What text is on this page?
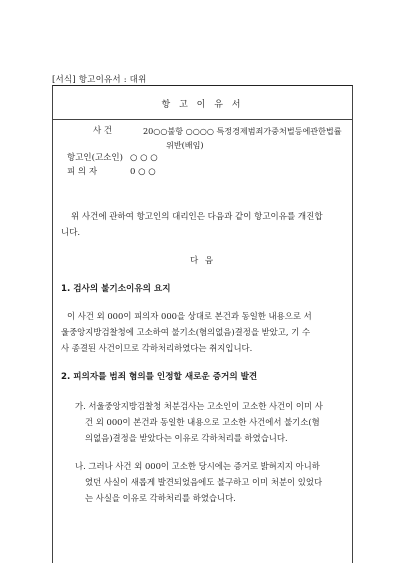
[서식] 항고이유서 : 대위
항 고 이 유 서
사 건	20○○불항 ○○○○ 특정경제범죄가중처벌등에관한법률
위반(배임)
항고인(고소인) ○ ○ ○
피 의 자	0 ○ ○
위 사건에 관하여 항고인의 대리인은 다음과 같이 항고이유를 개진합
니다.
다 음
1. 검사의 불기소이유의 요지
이 사건 외 000이 피의자 000을 상대로 본건과 동일한 내용으로 서
울중앙지방검찰청에 고소하여 불기소(혐의없음)결정을 받았고, 기 수
사 종결된 사건이므로 각하처리하였다는 취지입니다.
2. 피의자를 범죄 혐의를 인정할 새로운 증거의 발견
가. 서울중앙지방검찰청 처분검사는 고소인이 고소한 사건이 이미 사
건 외 000이 본건과 동일한 내용으로 고소한 사건에서 불기소(혐
의없음)결정을 받았다는 이유로 각하처리를 하였습니다.
나. 그러나 사건 외 000이 고소한 당시에는 증거로 밝혀지지 아니하
였던 사실이 새롭게 발견되었음에도 불구하고 이미 처분이 있었다
는 사실을 이유로 각하처리를 하였습니다.
